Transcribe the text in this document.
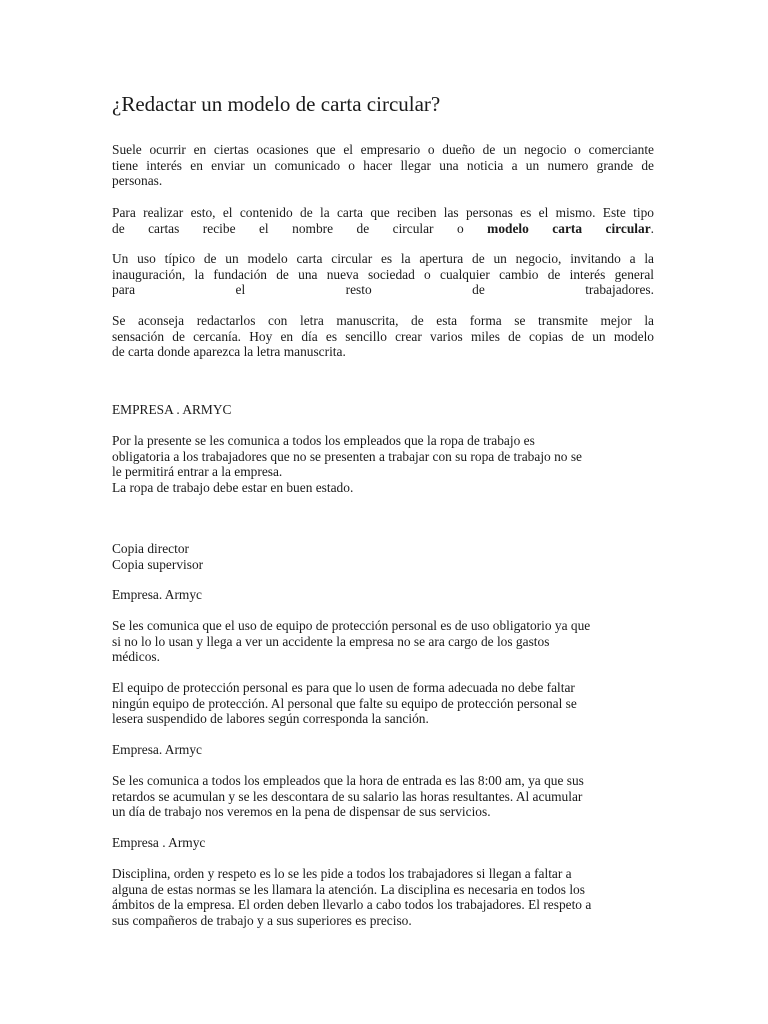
¿Redactar un modelo de carta circular?
Suele ocurrir en ciertas ocasiones que el empresario o dueño de un negocio o comerciante
tiene interés en enviar un comunicado o hacer llegar una noticia a un numero grande de
personas.
Para realizar esto, el contenido de la carta que reciben las personas es el mismo. Este tipo
de cartas recibe el nombre de circular o modelo carta circular.
Un uso típico de un modelo carta circular es la apertura de un negocio, invitando a la
inauguración, la fundación de una nueva sociedad o cualquier cambio de interés general
para el resto de trabajadores.
Se aconseja redactarlos con letra manuscrita, de esta forma se transmite mejor la
sensación de cercanía. Hoy en día es sencillo crear varios miles de copias de un modelo
de carta donde aparezca la letra manuscrita.
EMPRESA . ARMYC
Por la presente se les comunica a todos los empleados que la ropa de trabajo es
obligatoria a los trabajadores que no se presenten a trabajar con su ropa de trabajo no se
le permitirá entrar a la empresa.
La ropa de trabajo debe estar en buen estado.
Copia director
Copia supervisor
Empresa. Armyc
Se les comunica que el uso de equipo de protección personal es de uso obligatorio ya que
si no lo lo usan y llega a ver un accidente la empresa no se ara cargo de los gastos
médicos.
El equipo de protección personal es para que lo usen de forma adecuada no debe faltar
ningún equipo de protección. Al personal que falte su equipo de protección personal se
lesera suspendido de labores según corresponda la sanción.
Empresa. Armyc
Se les comunica a todos los empleados que la hora de entrada es las 8:00 am, ya que sus
retardos se acumulan y se les descontara de su salario las horas resultantes. Al acumular
un día de trabajo nos veremos en la pena de dispensar de sus servicios.
Empresa . Armyc
Disciplina, orden y respeto es lo se les pide a todos los trabajadores si llegan a faltar a
alguna de estas normas se les llamara la atención. La disciplina es necesaria en todos los
ámbitos de la empresa. El orden deben llevarlo a cabo todos los trabajadores. El respeto a
sus compañeros de trabajo y a sus superiores es preciso.
